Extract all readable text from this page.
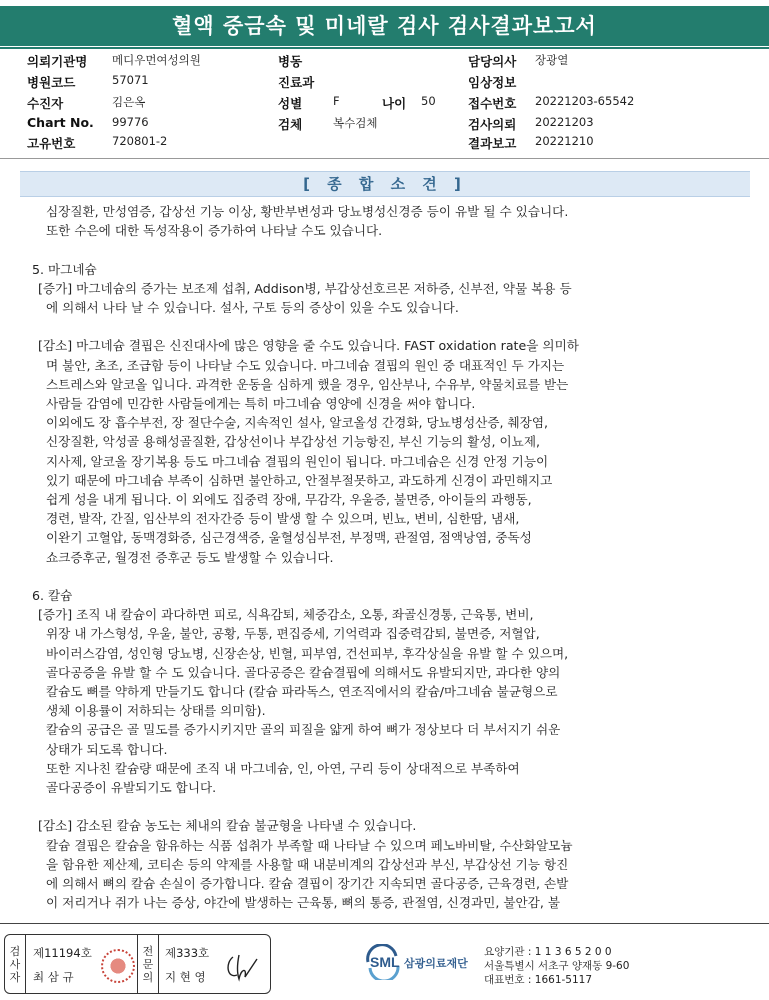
혈액 중금속 및 미네랄 검사 검사결과보고서
의뢰기관명 메디우먼여성의원	병동	담당의사 장광열
병원코드	57071	진료과	임상정보
수진자	김은옥	성별	F	나이 50	접수번호 20221203-65542
Chart No. 99776	검체	복수검체	검사의뢰 20221203
고유번호	720801-2	결과보고 20221210
[ 종 합 소 견 ]

심장질환, 만성염증, 갑상선 기능 이상, 황반부변성과 당뇨병성신경증 등이 유발 될 수 있습니다.

또한 수은에 대한 독성작용이 증가하여 나타날 수도 있습니다.

5. 마그네슘

[증가] 마그네슘의 증가는 보조제 섭취, Addison병, 부갑상선호르몬 저하증, 신부전, 약물 복용 등

에 의해서 나타 날 수 있습니다. 설사, 구토 등의 증상이 있을 수도 있습니다.

[감소] 마그네슘 결핍은 신진대사에 많은 영향을 줄 수도 있습니다. FAST oxidation rate을 의미하

며 불안, 초조, 조급함 등이 나타날 수도 있습니다. 마그네슘 결핍의 원인 중 대표적인 두 가지는

스트레스와 알코올 입니다. 과격한 운동을 심하게 했을 경우, 임산부나, 수유부, 약물치료를 받는

사람들 감염에 민감한 사람들에게는 특히 마그네슘 영양에 신경을 써야 합니다.

이외에도 장 흡수부전, 장 절단수술, 지속적인 설사, 알코올성 간경화, 당뇨병성산증, 췌장염,

신장질환, 악성골 용해성골질환, 갑상선이나 부갑상선 기능항진, 부신 기능의 활성, 이뇨제,

지사제, 알코올 장기복용 등도 마그네슘 결핍의 원인이 됩니다. 마그네슘은 신경 안정 기능이

있기 때문에 마그네슘 부족이 심하면 불안하고, 안절부절못하고, 과도하게 신경이 과민해지고

쉽게 성을 내게 됩니다. 이 외에도 집중력 장애, 무감각, 우울증, 불면증, 아이들의 과행동,

경련, 발작, 간질, 임산부의 전자간증 등이 발생 할 수 있으며, 빈뇨, 변비, 심한땀, 냄새,

이완기 고혈압, 동맥경화증, 심근경색증, 울혈성심부전, 부정맥, 관절염, 점액낭염, 중독성

쇼크증후군, 월경전 증후군 등도 발생할 수 있습니다.

6. 칼슘

[증가] 조직 내 칼슘이 과다하면 피로, 식욕감퇴, 체중감소, 오통, 좌골신경통, 근육통, 변비,

위장 내 가스형성, 우울, 불안, 공황, 두통, 편집증세, 기억력과 집중력감퇴, 불면증, 저혈압,

바이러스감염, 성인형 당뇨병, 신장손상, 빈혈, 피부염, 건선피부, 후각상실을 유발 할 수 있으며,

골다공증을 유발 할 수 도 있습니다. 골다공증은 칼슘결핍에 의해서도 유발되지만, 과다한 양의

칼슘도 뼈를 약하게 만들기도 합니다 (칼슘 파라독스, 연조직에서의 칼슘/마그네슘 불균형으로

생체 이용률이 저하되는 상태를 의미함).

칼슘의 공급은 골 밀도를 증가시키지만 골의 피질을 얇게 하여 뼈가 정상보다 더 부서지기 쉬운

상태가 되도록 합니다.

또한 지나친 칼슘량 때문에 조직 내 마그네슘, 인, 아연, 구리 등이 상대적으로 부족하여

골다공증이 유발되기도 합니다.

[감소] 감소된 칼슘 농도는 체내의 칼슘 불균형을 나타낼 수 있습니다.

칼슘 결핍은 칼슘을 함유하는 식품 섭취가 부족할 때 나타날 수 있으며 페노바비탈, 수산화알모늄

을 함유한 제산제, 코티손 등의 약제를 사용할 때 내분비계의 갑상선과 부신, 부갑상선 기능 항진

에 의해서 뼈의 칼슘 손실이 증가합니다. 칼슘 결핍이 장기간 지속되면 골다공증, 근육경련, 손발

이 저리거나 쥐가 나는 증상, 야간에 발생하는 근육통, 뼈의 통증, 관절염, 신경과민, 불안감, 불

검
사
자
제11194호
최 삼 규
전
문
의
제333호
지 현 영
SML 삼광의료재단
요양기관 : 1 1 3 6 5 2 0 0
서울특별시 서초구 양재동 9-60
대표번호 : 1661-5117
